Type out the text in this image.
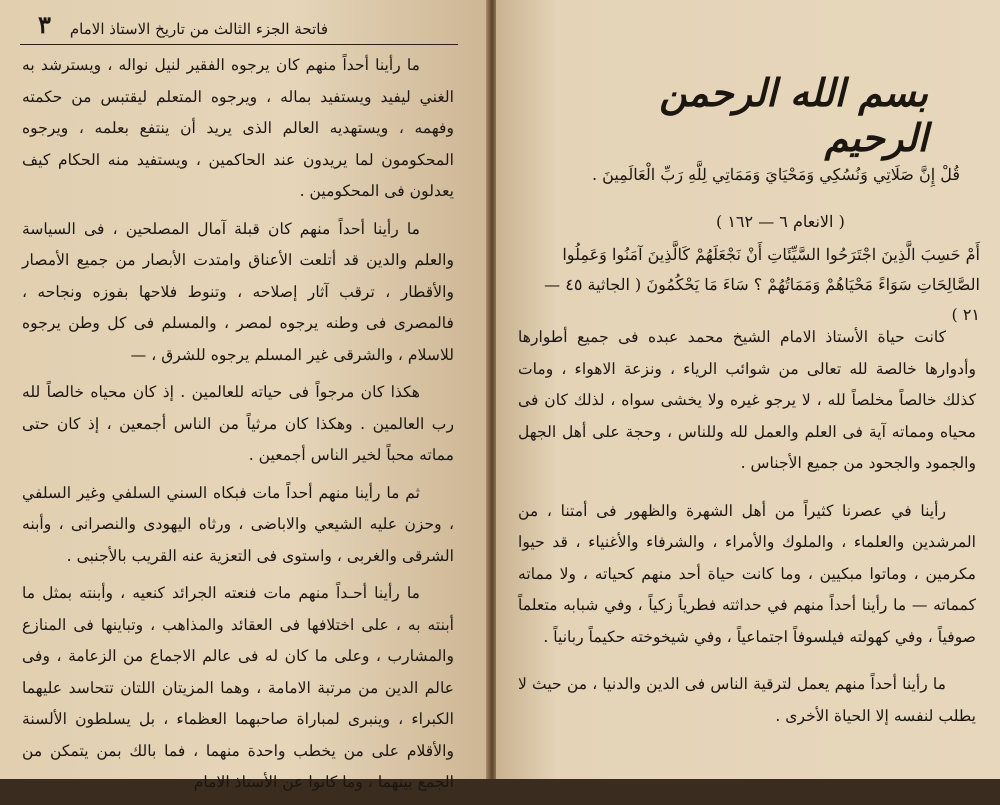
٣ فاتحة الجزء الثالث من تاريخ الاستاذ الامام

ما رأينا أحداً منهم كان يرجوه الفقير لنيل نواله ، ويسترشد به الغني ليفيد ويستفيد بماله ، ويرجوه المتعلم ليقتبس من حكمته وفهمه ، ويستهديه العالم الذى يريد أن ينتفع بعلمه ، ويرجوه المحكومون لما يريدون عند الحاكمين ، ويستفيد منه الحكام كيف يعدلون فى المحكومين .

ما رأينا أحداً منهم كان قبلة آمال المصلحين ، فى السياسة والعلم والدين قد أتلعت الأعناق وامتدت الأبصار من جميع الأمصار والأقطار ، ترقب آثار إصلاحه ، وتنوط فلاحها بفوزه ونجاحه ، فالمصرى فى وطنه يرجوه لمصر ، والمسلم فى كل وطن يرجوه للاسلام ، والشرقى غير المسلم يرجوه للشرق ، —

هكذا كان مرجواً فى حياته للعالمين . إذ كان محياه خالصاً لله رب العالمين . وهكذا كان مرثياً من الناس أجمعين ، إذ كان حتى مماته محباً لخير الناس أجمعين .

ثم ما رأينا منهم أحداً مات فبكاه السني السلفي وغير السلفي ، وحزن عليه الشيعي والاباضى ، ورثاه اليهودى والنصرانى ، وأبنه الشرقى والغربى ، واستوى فى التعزية عنه القريب بالأجنبى .

ما رأينا أحـداً منهم مات فنعته الجرائد كنعيه ، وأبنته بمثل ما أبنته به ، على اختلافها فى العقائد والمذاهب ، وتباينها فى المنازع والمشارب ، وعلى ما كان له فى عالم الاجماع من الزعامة ، وفى عالم الدين من مرتبة الامامة ، وهما المزيتان اللتان تتحاسد عليهما الكبراء ، وينبرى لمباراة صاحبهما العظماء ، بل يسلطون الألسنة والأقلام على من يخطب واحدة منهما ، فما بالك بمن يتمكن من الجمع بينهما ، وما كانوا عن الأستاذ الامام

بسم الله الرحمن الرحيم
قُلْ إِنَّ صَلَاتِي وَنُسُكِي وَمَحْيَايَ وَمَمَاتِي لِلَّهِ رَبِّ الْعَالَمِينَ .
( الانعام ٦ — ١٦٢ )
أَمْ حَسِبَ الَّذِينَ اجْتَرَحُوا السَّيِّئَاتِ أَنْ نَجْعَلَهُمْ كَالَّذِينَ آمَنُوا وَعَمِلُوا الصَّالِحَاتِ سَوَاءً مَحْيَاهُمْ وَمَمَاتُهُمْ ؟ سَاءَ مَا يَحْكُمُونَ ( الجاثية ٤٥ — ٢١ )

كانت حياة الأستاذ الامام الشيخ محمد عبده فى جميع أطوارها وأدوارها خالصة لله تعالى من شوائب الرياء ، ونزعة الاهواء ، ومات كذلك خالصاً مخلصاً لله ، لا يرجو غيره ولا يخشى سواه ، لذلك كان فى محياه ومماته آية فى العلم والعمل لله وللناس ، وحجة على أهل الجهل والجمود والجحود من جميع الأجناس .

رأينا في عصرنا كثيراً من أهل الشهرة والظهور فى أمتنا ، من المرشدين والعلماء ، والملوك والأمراء ، والشرفاء والأغنياء ، قد حيوا مكرمين ، وماتوا مبكيين ، وما كانت حياة أحد منهم كحياته ، ولا مماته كمماته — ما رأينا أحداً منهم في حداثته فطرياً زكياً ، وفي شبابه متعلماً صوفياً ، وفي كهولته فيلسوفاً اجتماعياً ، وفي شيخوخته حكيماً ربانياً .

ما رأينا أحداً منهم يعمل لترقية الناس فى الدين والدنيا ، من حيث لا يطلب لنفسه إلا الحياة الأخرى .
